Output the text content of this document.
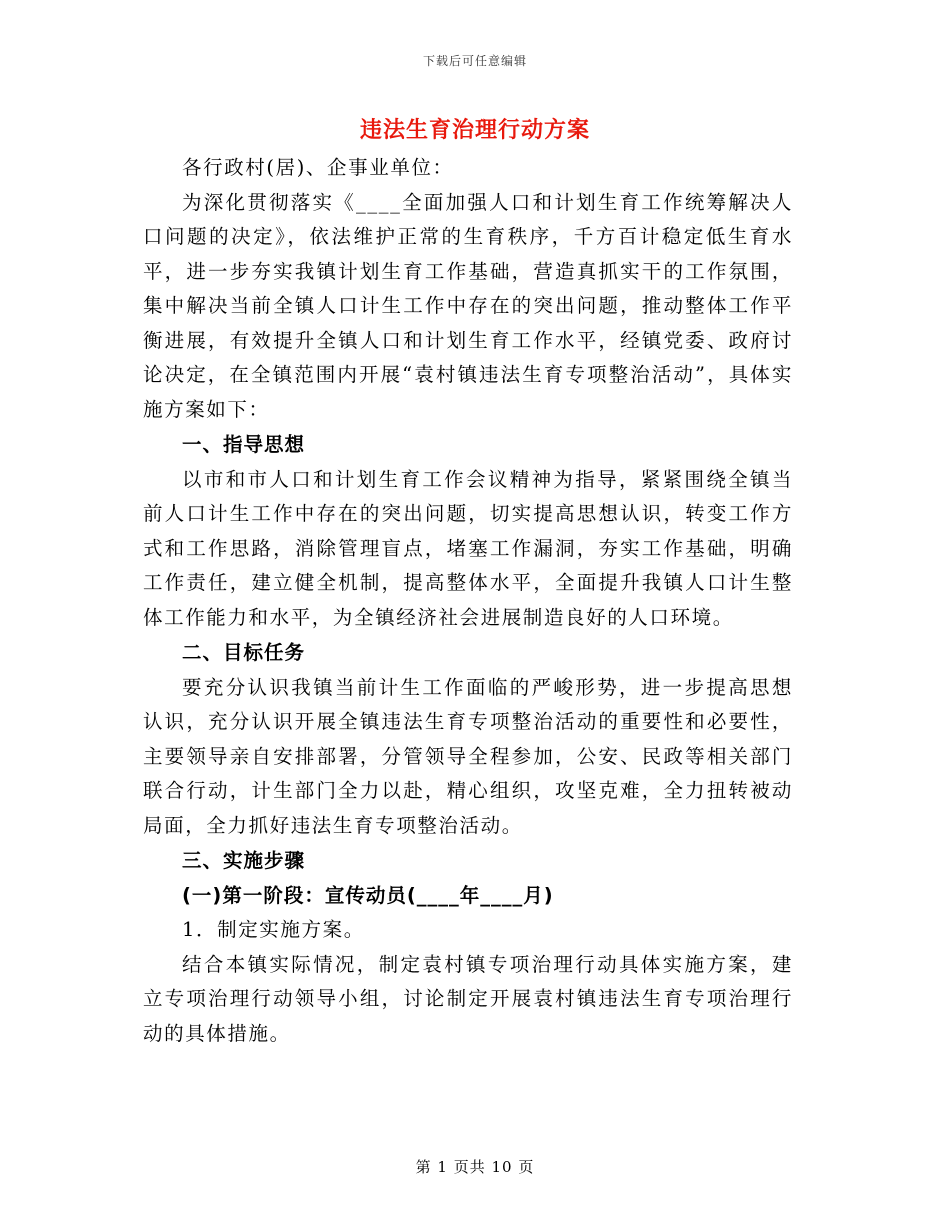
下载后可任意编辑
违法生育治理行动方案

各行政村(居)、企事业单位：

为深化贯彻落实《____全面加强人口和计划生育工作统筹解决人口问题的决定》，依法维护正常的生育秩序，千方百计稳定低生育水平，进一步夯实我镇计划生育工作基础，营造真抓实干的工作氛围，集中解决当前全镇人口计生工作中存在的突出问题，推动整体工作平衡进展，有效提升全镇人口和计划生育工作水平，经镇党委、政府讨论决定，在全镇范围内开展“袁村镇违法生育专项整治活动”，具体实施方案如下：

一、指导思想

以市和市人口和计划生育工作会议精神为指导，紧紧围绕全镇当前人口计生工作中存在的突出问题，切实提高思想认识，转变工作方式和工作思路，消除管理盲点，堵塞工作漏洞，夯实工作基础，明确工作责任，建立健全机制，提高整体水平，全面提升我镇人口计生整体工作能力和水平，为全镇经济社会进展制造良好的人口环境。

二、目标任务

要充分认识我镇当前计生工作面临的严峻形势，进一步提高思想认识，充分认识开展全镇违法生育专项整治活动的重要性和必要性，主要领导亲自安排部署，分管领导全程参加，公安、民政等相关部门联合行动，计生部门全力以赴，精心组织，攻坚克难，全力扭转被动局面，全力抓好违法生育专项整治活动。

三、实施步骤
(一)第一阶段：宣传动员(____年____月)

1．制定实施方案。

结合本镇实际情况，制定袁村镇专项治理行动具体实施方案，建立专项治理行动领导小组，讨论制定开展袁村镇违法生育专项治理行动的具体措施。

第 1 页共 10 页
